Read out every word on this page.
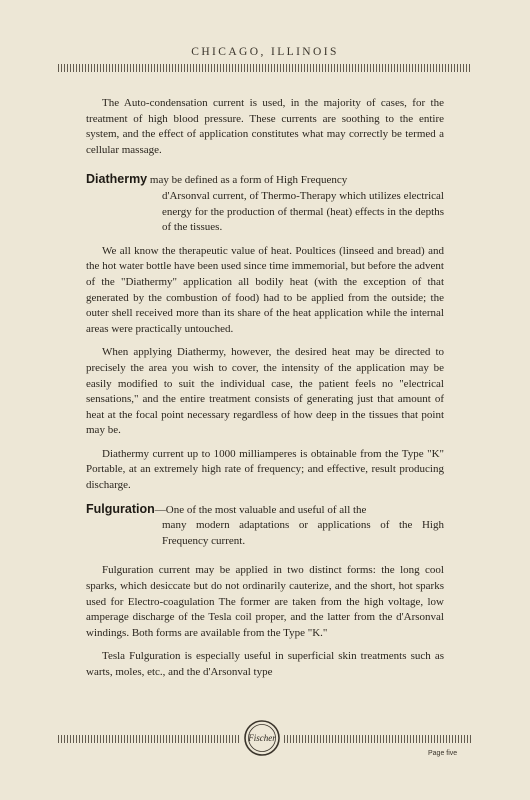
CHICAGO, ILLINOIS

The Auto-condensation current is used, in the majority of cases, for the treatment of high blood pressure. These currents are soothing to the entire system, and the effect of application constitutes what may correctly be termed a cellular massage.

Diathermy may be defined as a form of High Frequency
d'Arsonval current, of Thermo-Therapy which utilizes electrical energy for the production of thermal (heat) effects in the depths of the tissues.

We all know the therapeutic value of heat. Poultices (linseed and bread) and the hot water bottle have been used since time immemorial, but before the advent of the "Diathermy" application all bodily heat (with the exception of that generated by the combustion of food) had to be applied from the outside; the outer shell received more than its share of the heat application while the internal areas were practically untouched.

When applying Diathermy, however, the desired heat may be directed to precisely the area you wish to cover, the intensity of the application may be easily modified to suit the individual case, the patient feels no "electrical sensations," and the entire treatment consists of generating just that amount of heat at the focal point necessary regardless of how deep in the tissues that point may be.

Diathermy current up to 1000 milliamperes is obtainable from the Type "K" Portable, at an extremely high rate of frequency; and effective, result producing discharge.

Fulguration—One of the most valuable and useful of all the
many modern adaptations or applications of the High Frequency current.

Fulguration current may be applied in two distinct forms: the long cool sparks, which desiccate but do not ordinarily cauterize, and the short, hot sparks used for Electro-coagulation The former are taken from the high voltage, low amperage discharge of the Tesla coil proper, and the latter from the d'Arsonval windings. Both forms are available from the Type "K."

Tesla Fulguration is especially useful in superficial skin treatments such as warts, moles, etc., and the d'Arsonval type

Fischer
Page five
